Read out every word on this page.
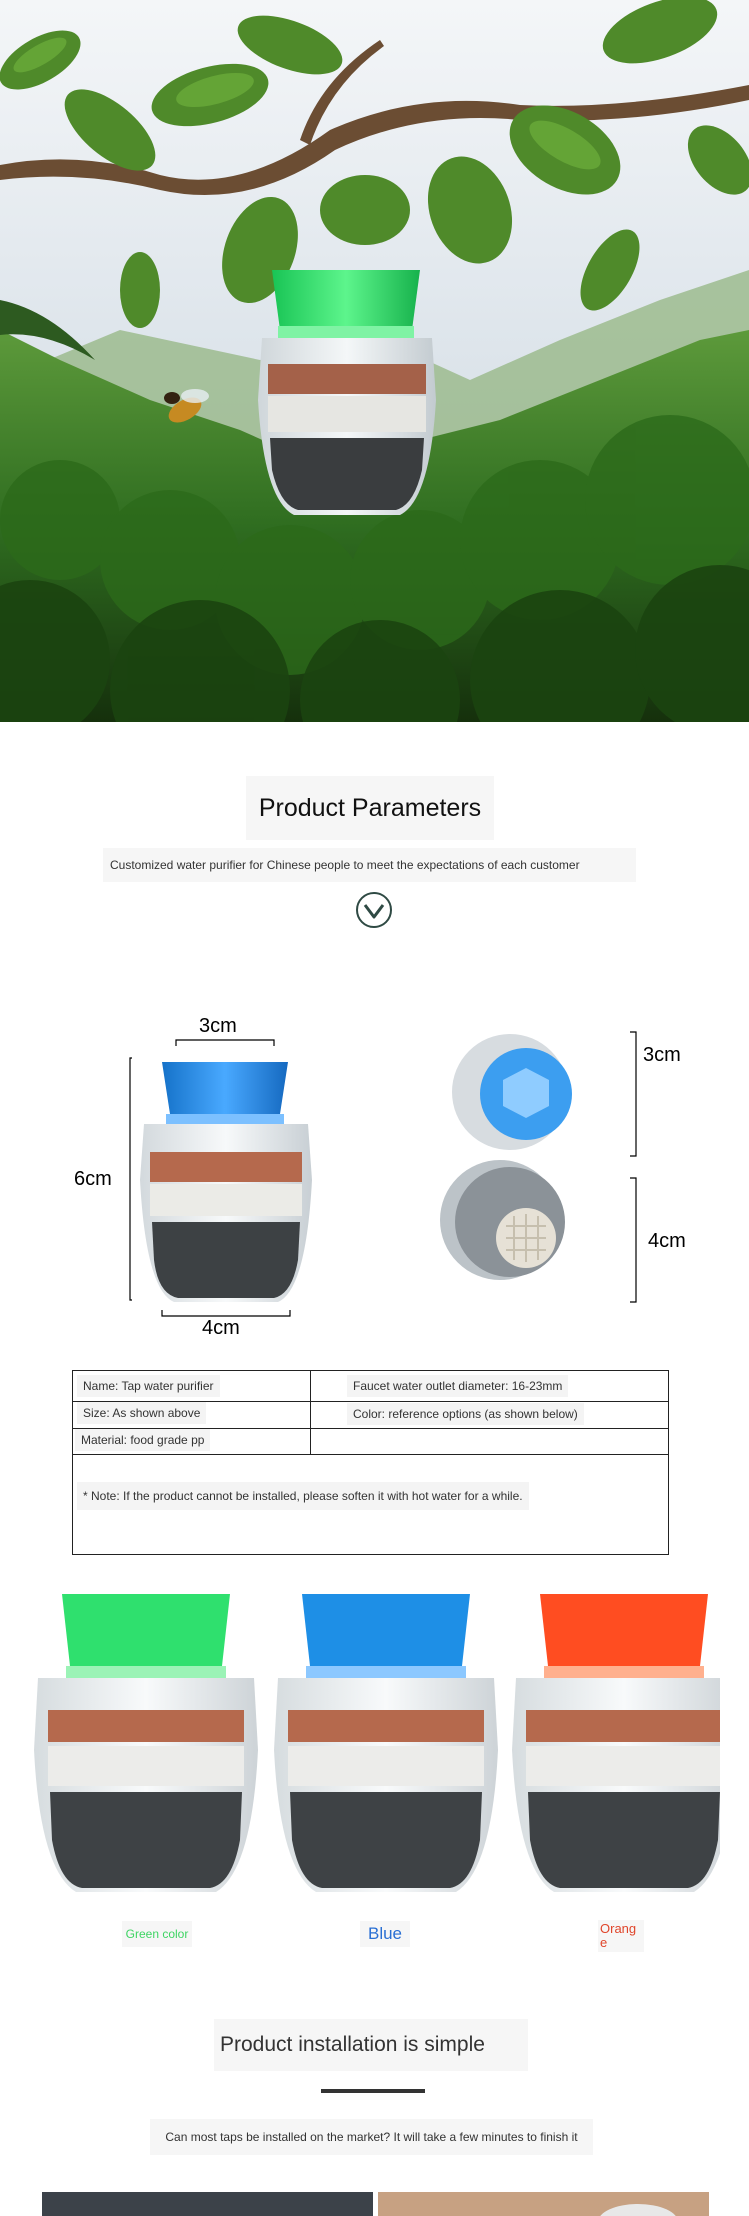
Product Parameters
Customized water purifier for Chinese people to meet the expectations of each customer
3cm
6cm
4cm
3cm
4cm
Name: Tap water purifier	Faucet water outlet diameter: 16-23mm
Size: As shown above	Color: reference options (as shown below)
Material: food grade pp
* Note: If the product cannot be installed, please soften it with hot water for a while.
Green color	Blue	Orang
e
Product installation is simple
Can most taps be installed on the market? It will take a few minutes to finish it
